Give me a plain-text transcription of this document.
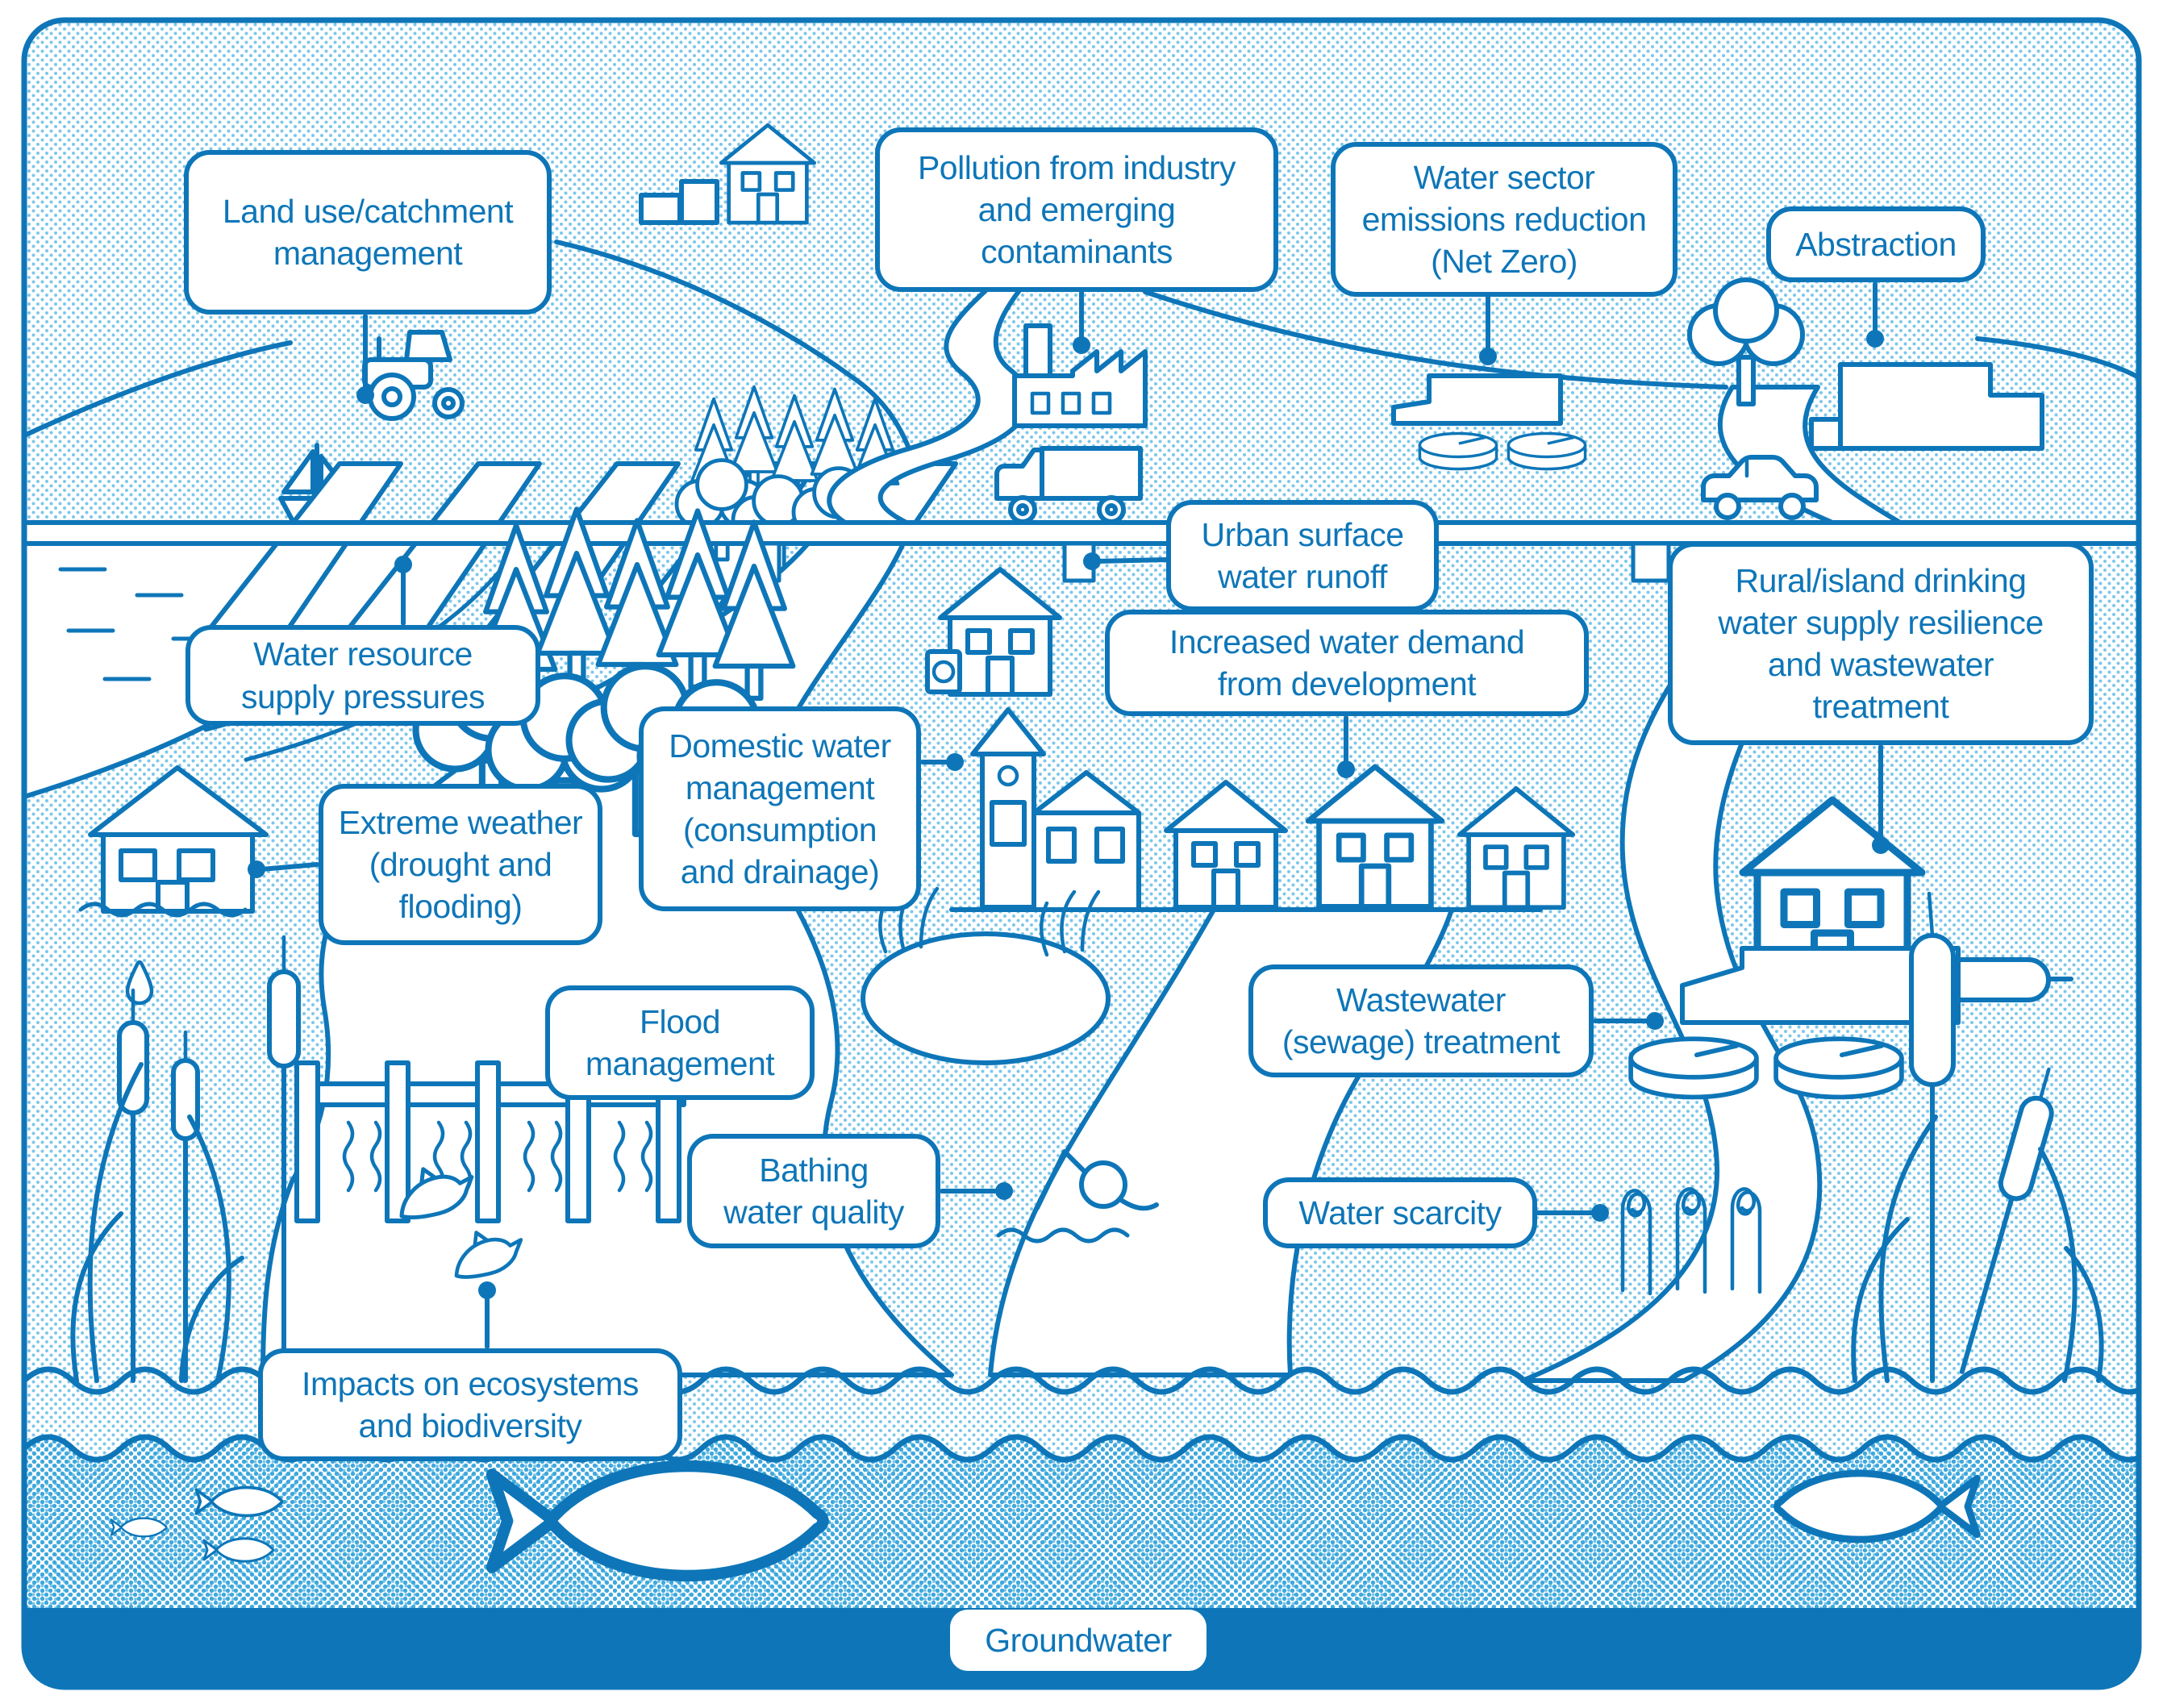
Land use/catchment
management
Pollution from industry
and emerging
contaminants
Water sector
emissions reduction
(Net Zero)	Abstraction
Urban surface
water runoff	Rural/island drinking
water supply resilience
and wastewater
treatment
Water resource
supply pressures
Increased water demand
from development
Domestic water
management
(consumption
and drainage)
Extreme weather
(drought and
flooding)
Flood
management
Wastewater
(sewage) treatment
Bathing
water quality	Water scarcity
Impacts on ecosystems
and biodiversity
Groundwater
